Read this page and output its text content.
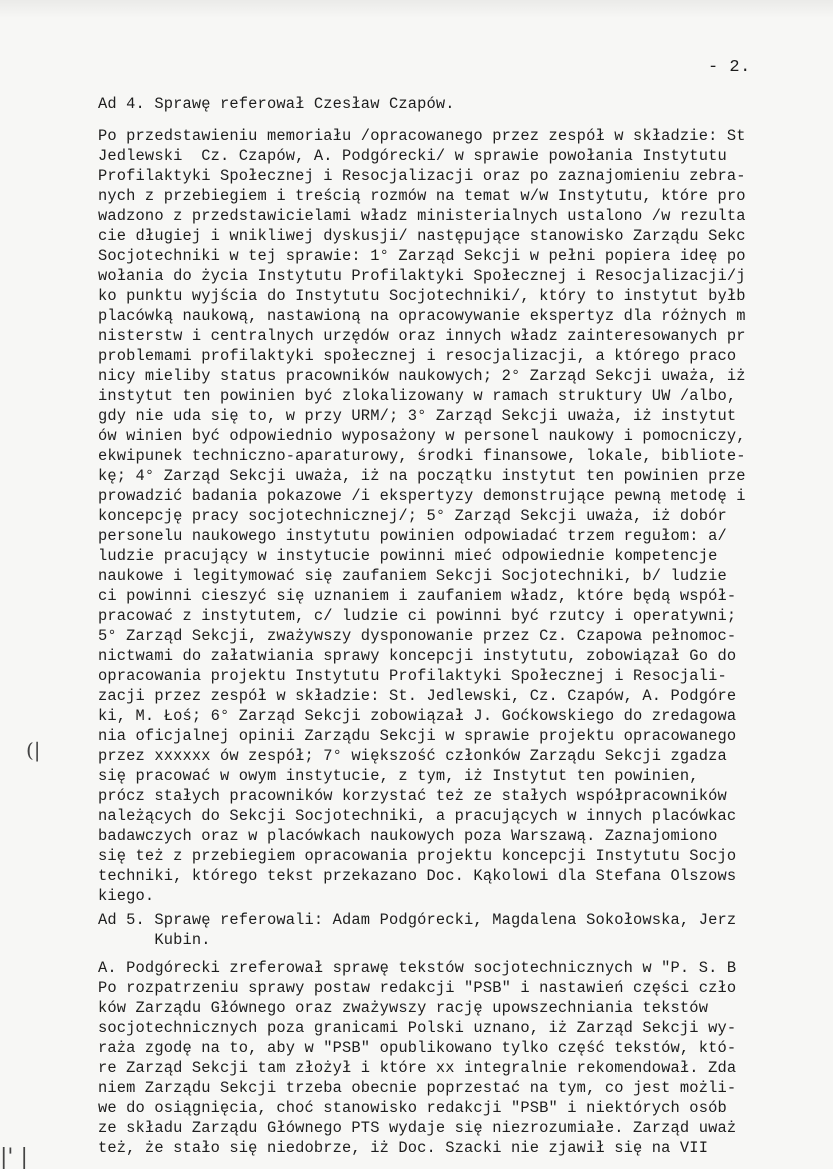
- 2.
Ad 4. Sprawę referował Czesław Czapów.
Po przedstawieniu memoriału /opracowanego przez zespół w składzie: St
Jedlewski  Cz. Czapów, A. Podgórecki/ w sprawie powołania Instytutu
Profilaktyki Społecznej i Resocjalizacji oraz po zaznajomieniu zebra-
nych z przebiegiem i treścią rozmów na temat w/w Instytutu, które pro
wadzono z przedstawicielami władz ministerialnych ustalono /w rezulta
cie długiej i wnikliwej dyskusji/ następujące stanowisko Zarządu Sekc
Socjotechniki w tej sprawie: 1° Zarząd Sekcji w pełni popiera ideę po
wołania do życia Instytutu Profilaktyki Społecznej i Resocjalizacji/j
ko punktu wyjścia do Instytutu Socjotechniki/, który to instytut byłb
placówką naukową, nastawioną na opracowywanie ekspertyz dla różnych m
nisterstw i centralnych urzędów oraz innych władz zainteresowanych pr
problemami profilaktyki społecznej i resocjalizacji, a którego praco
nicy mieliby status pracowników naukowych; 2° Zarząd Sekcji uważa, iż
instytut ten powinien być zlokalizowany w ramach struktury UW /albo,
gdy nie uda się to, w przy URM/; 3° Zarząd Sekcji uważa, iż instytut
ów winien być odpowiednio wyposażony w personel naukowy i pomocniczy,
ekwipunek techniczno-aparaturowy, środki finansowe, lokale, bibliote-
kę; 4° Zarząd Sekcji uważa, iż na początku instytut ten powinien prze
prowadzić badania pokazowe /i ekspertyzy demonstrujące pewną metodę i
koncepcję pracy socjotechnicznej/; 5° Zarząd Sekcji uważa, iż dobór
personelu naukowego instytutu powinien odpowiadać trzem regułom: a/
ludzie pracujący w instytucie powinni mieć odpowiednie kompetencje
naukowe i legitymować się zaufaniem Sekcji Socjotechniki, b/ ludzie
ci powinni cieszyć się uznaniem i zaufaniem władz, które będą współ-
pracować z instytutem, c/ ludzie ci powinni być rzutcy i operatywni;
5° Zarząd Sekcji, zważywszy dysponowanie przez Cz. Czapowa pełnomoc-
nictwami do załatwiania sprawy koncepcji instytutu, zobowiązał Go do
opracowania projektu Instytutu Profilaktyki Społecznej i Resocjali-
zacji przez zespół w składzie: St. Jedlewski, Cz. Czapów, A. Podgóre
ki, M. Łoś; 6° Zarząd Sekcji zobowiązał J. Goćkowskiego do zredagowa
nia oficjalnej opinii Zarządu Sekcji w sprawie projektu opracowanego
przez xxxxxx ów zespół; 7° większość członków Zarządu Sekcji zgadza
się pracować w owym instytucie, z tym, iż Instytut ten powinien,
prócz stałych pracowników korzystać też ze stałych współpracowników
należących do Sekcji Socjotechniki, a pracujących w innych placówkac
badawczych oraz w placówkach naukowych poza Warszawą. Zaznajomiono
się też z przebiegiem opracowania projektu koncepcji Instytutu Socjo
techniki, którego tekst przekazano Doc. Kąkolowi dla Stefana Olszows
kiego.
Ad 5. Sprawę referowali: Adam Podgórecki, Magdalena Sokołowska, Jerz
Kubin.
A. Podgórecki zreferował sprawę tekstów socjotechnicznych w "P. S. B
Po rozpatrzeniu sprawy postaw redakcji "PSB" i nastawień części czło
ków Zarządu Głównego oraz zważywszy rację upowszechniania tekstów
socjotechnicznych poza granicami Polski uznano, iż Zarząd Sekcji wy-
raża zgodę na to, aby w "PSB" opublikowano tylko część tekstów, któ-
re Zarząd Sekcji tam złożył i które xx integralnie rekomendował. Zda
niem Zarządu Sekcji trzeba obecnie poprzestać na tym, co jest możli-
we do osiągnięcia, choć stanowisko redakcji "PSB" i niektórych osób
ze składu Zarządu Głównego PTS wydaje się niezrozumiałe. Zarząd uważ
też, że stało się niedobrze, iż Doc. Szacki nie zjawił się na VII
(|
|' |
